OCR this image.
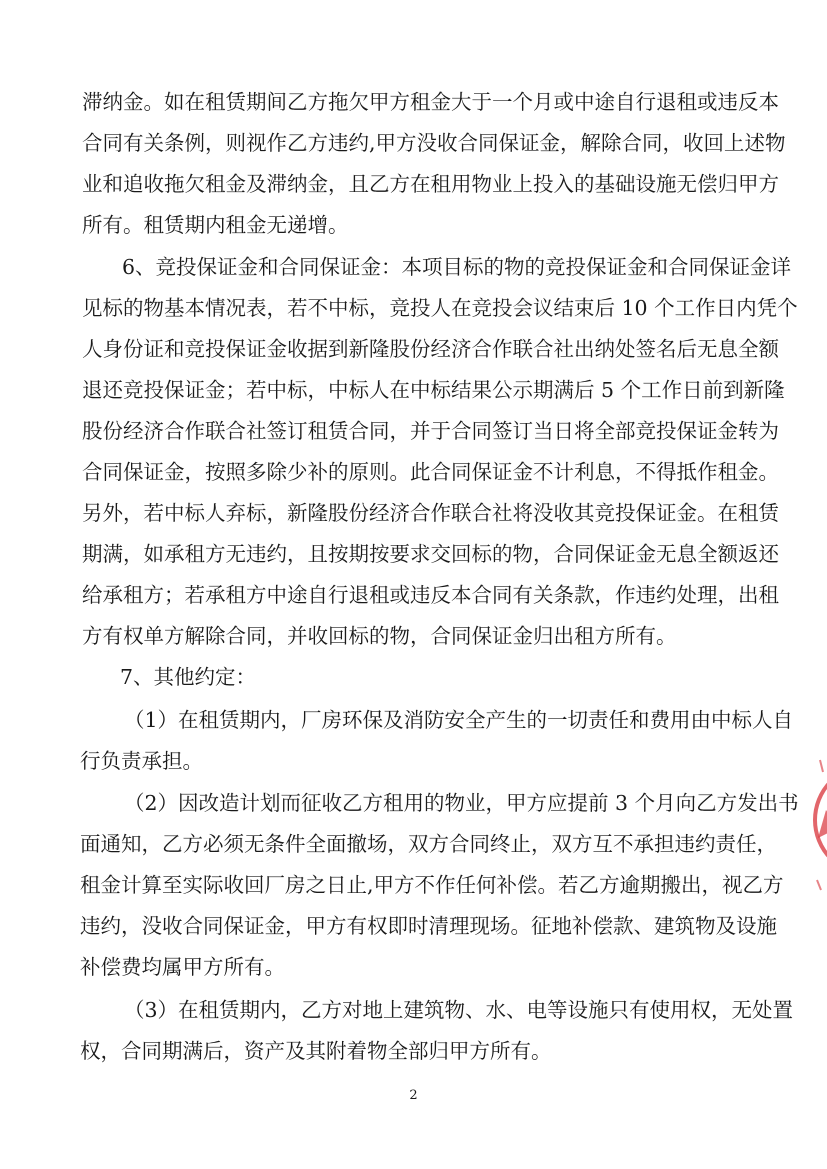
滞纳金。如在租赁期间乙方拖欠甲方租金大于一个月或中途自行退租或违反本
合同有关条例，则视作乙方违约,甲方没收合同保证金，解除合同，收回上述物
业和追收拖欠租金及滞纳金，且乙方在租用物业上投入的基础设施无偿归甲方
所有。租赁期内租金无递增。
6、竞投保证金和合同保证金：本项目标的物的竞投保证金和合同保证金详
见标的物基本情况表，若不中标，竞投人在竞投会议结束后 10 个工作日内凭个
人身份证和竞投保证金收据到新隆股份经济合作联合社出纳处签名后无息全额
退还竞投保证金；若中标，中标人在中标结果公示期满后 5 个工作日前到新隆
股份经济合作联合社签订租赁合同，并于合同签订当日将全部竞投保证金转为
合同保证金，按照多除少补的原则。此合同保证金不计利息，不得抵作租金。
另外，若中标人弃标，新隆股份经济合作联合社将没收其竞投保证金。在租赁
期满，如承租方无违约，且按期按要求交回标的物，合同保证金无息全额返还
给承租方；若承租方中途自行退租或违反本合同有关条款，作违约处理，出租
方有权单方解除合同，并收回标的物，合同保证金归出租方所有。
7、其他约定：
（1）在租赁期内，厂房环保及消防安全产生的一切责任和费用由中标人自
行负责承担。
（2）因改造计划而征收乙方租用的物业，甲方应提前 3 个月向乙方发出书
面通知，乙方必须无条件全面撤场，双方合同终止，双方互不承担违约责任，
租金计算至实际收回厂房之日止,甲方不作任何补偿。若乙方逾期搬出，视乙方
违约，没收合同保证金，甲方有权即时清理现场。征地补偿款、建筑物及设施
补偿费均属甲方所有。
（3）在租赁期内，乙方对地上建筑物、水、电等设施只有使用权，无处置
权，合同期满后，资产及其附着物全部归甲方所有。
2
